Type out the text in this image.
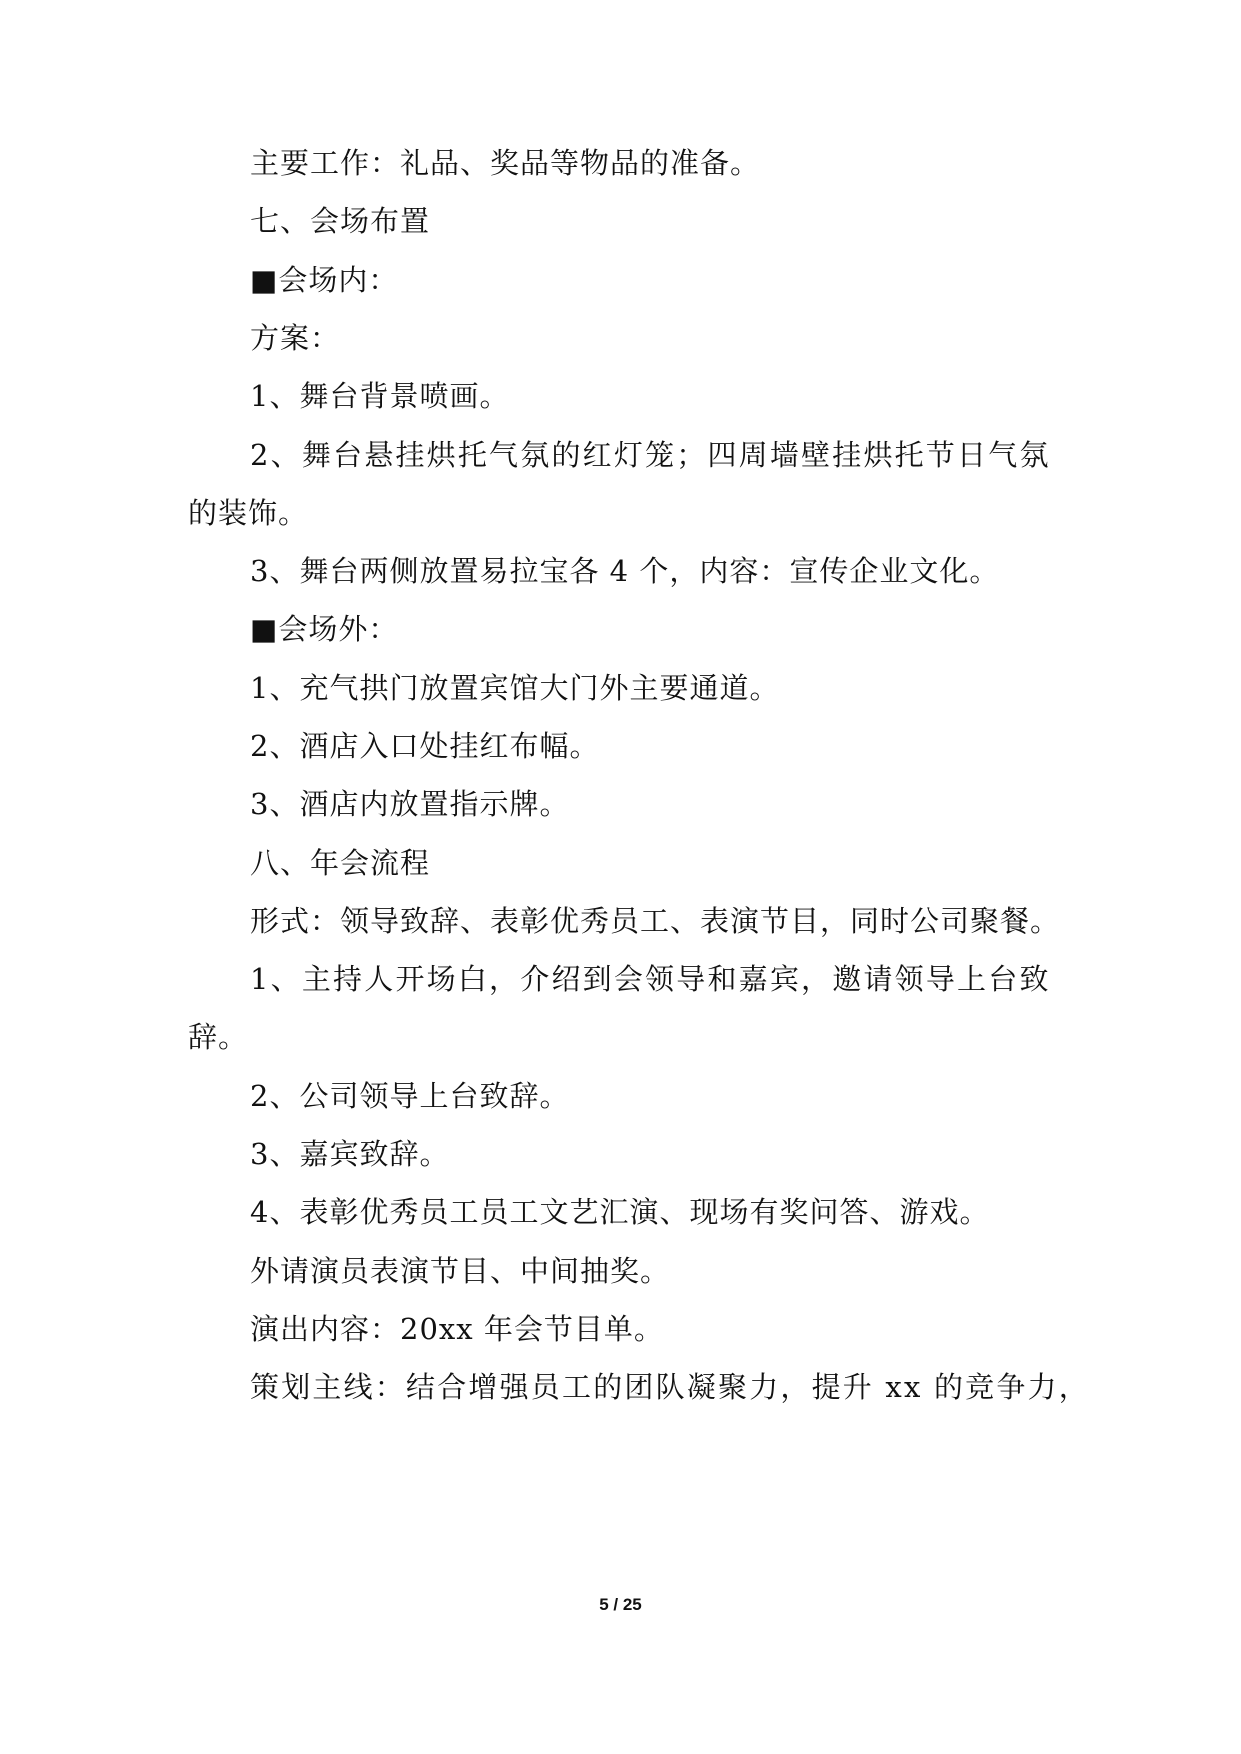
主要工作：礼品、奖品等物品的准备。
七、会场布置
■会场内：
方案：
1、舞台背景喷画。
2、舞台悬挂烘托气氛的红灯笼；四周墙壁挂烘托节日气氛
的装饰。
3、舞台两侧放置易拉宝各 4 个，内容：宣传企业文化。
■会场外：
1、充气拱门放置宾馆大门外主要通道。
2、酒店入口处挂红布幅。
3、酒店内放置指示牌。
八、年会流程
形式：领导致辞、表彰优秀员工、表演节目，同时公司聚餐。
1、主持人开场白，介绍到会领导和嘉宾，邀请领导上台致
辞。
2、公司领导上台致辞。
3、嘉宾致辞。
4、表彰优秀员工员工文艺汇演、现场有奖问答、游戏。
外请演员表演节目、中间抽奖。
演出内容：20xx 年会节目单。
策划主线：结合增强员工的团队凝聚力，提升 xx 的竞争力，
5 / 25
